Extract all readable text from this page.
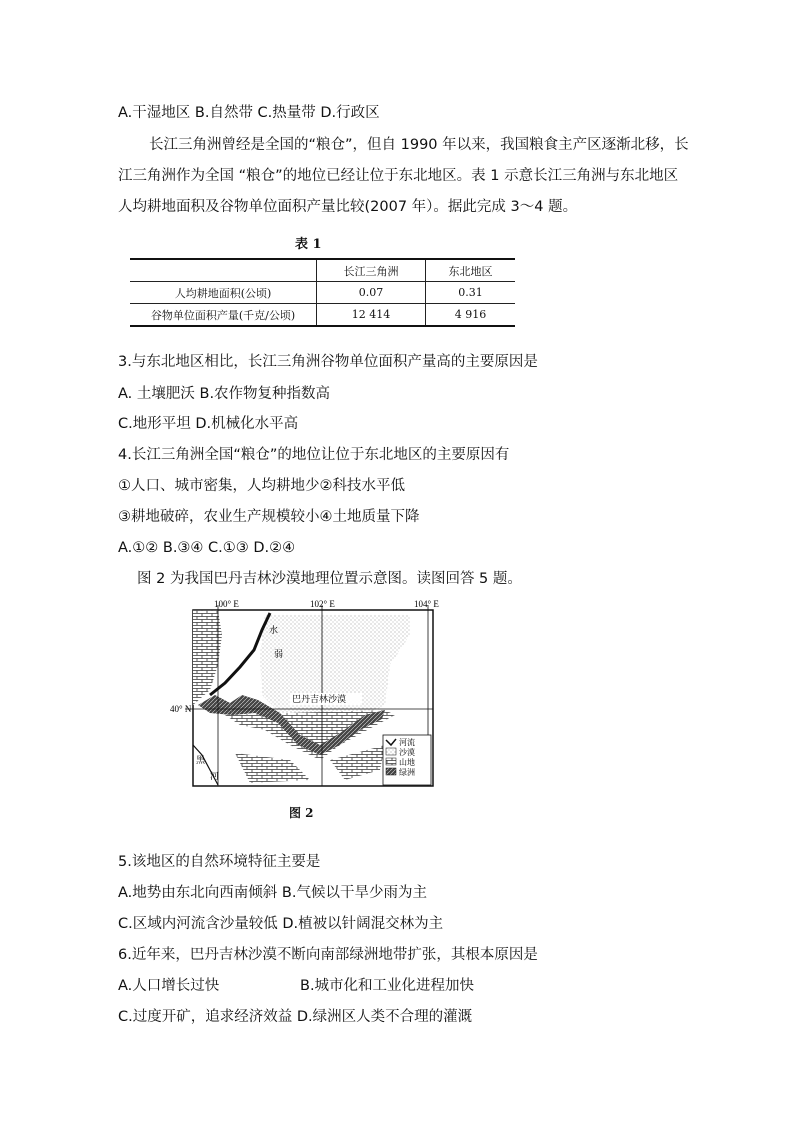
A.干湿地区 B.自然带 C.热量带 D.行政区
长江三角洲曾经是全国的“粮仓”，但自 1990 年以来，我国粮食主产区逐渐北移，长
江三角洲作为全国 “粮仓”的地位已经让位于东北地区。表 1 示意长江三角洲与东北地区
人均耕地面积及谷物单位面积产量比较(2007 年）。据此完成 3～4 题。
表 1
	长江三角洲	东北地区
人均耕地面积(公顷)	0.07	0.31
谷物单位面积产量(千克/公顷)	12 414	4 916
3.与东北地区相比，长江三角洲谷物单位面积产量高的主要原因是
A. 土壤肥沃 B.农作物复种指数高
C.地形平坦 D.机械化水平高
4.长江三角洲全国“粮仓”的地位让位于东北地区的主要原因有
①人口、城市密集，人均耕地少②科技水平低
③耕地破碎，农业生产规模较小④土地质量下降
A.①② B.③④ C.①③ D.②④
图 2 为我国巴丹吉林沙漠地理位置示意图。读图回答 5 题。
100° E	102° E	104° E
40° N
水
弱
黑
河
巴丹吉林沙漠
河流
沙漠
山地
绿洲
图 2
5.该地区的自然环境特征主要是
A.地势由东北向西南倾斜 B.气候以干旱少雨为主
C.区域内河流含沙量较低 D.植被以针阔混交林为主
6.近年来，巴丹吉林沙漠不断向南部绿洲地带扩张，其根本原因是
A.人口增长过快	B.城市化和工业化进程加快
C.过度开矿，追求经济效益 D.绿洲区人类不合理的灌溉
